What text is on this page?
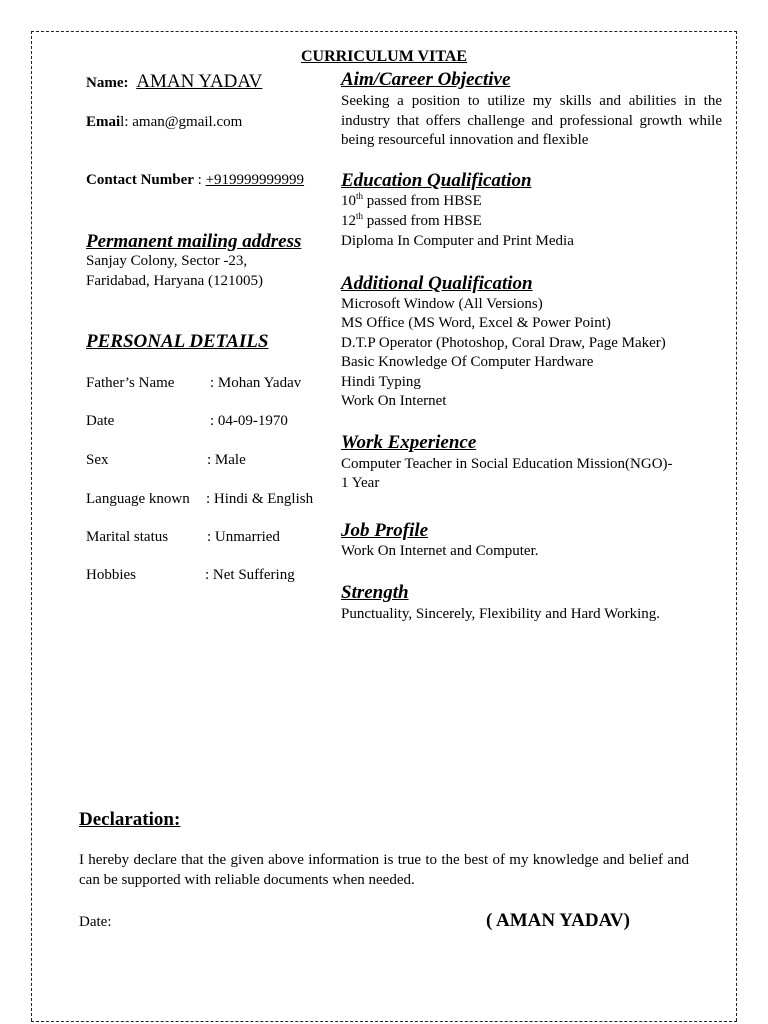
CURRICULUM VITAE
Name: AMAN YADAV
Email: aman@gmail.com
Contact Number : +919999999999
Permanent mailing address
Sanjay Colony, Sector -23,
Faridabad, Haryana (121005)
PERSONAL DETAILS
Father’s Name : Mohan Yadav
Date	: 04-09-1970
Sex	: Male
Language known : Hindi & English
Marital status	: Unmarried
Hobbies	: Net Suffering
Aim/Career Objective
Seeking a position to utilize my skills and abilities in the industry that offers challenge and professional growth while being resourceful innovation and flexible
Education Qualification
10th passed from HBSE
12th passed from HBSE
Diploma In Computer and Print Media
Additional Qualification
Microsoft Window (All Versions)
MS Office (MS Word, Excel & Power Point)
D.T.P Operator (Photoshop, Coral Draw, Page Maker)
Basic Knowledge Of Computer Hardware
Hindi Typing
Work On Internet
Work Experience
Computer Teacher in Social Education Mission(NGO)-
1 Year
Job Profile
Work On Internet and Computer.
Strength
Punctuality, Sincerely, Flexibility and Hard Working.
Declaration:
I hereby declare that the given above information is true to the best of my knowledge and belief and can be supported with reliable documents when needed.
Date:	( AMAN YADAV)
